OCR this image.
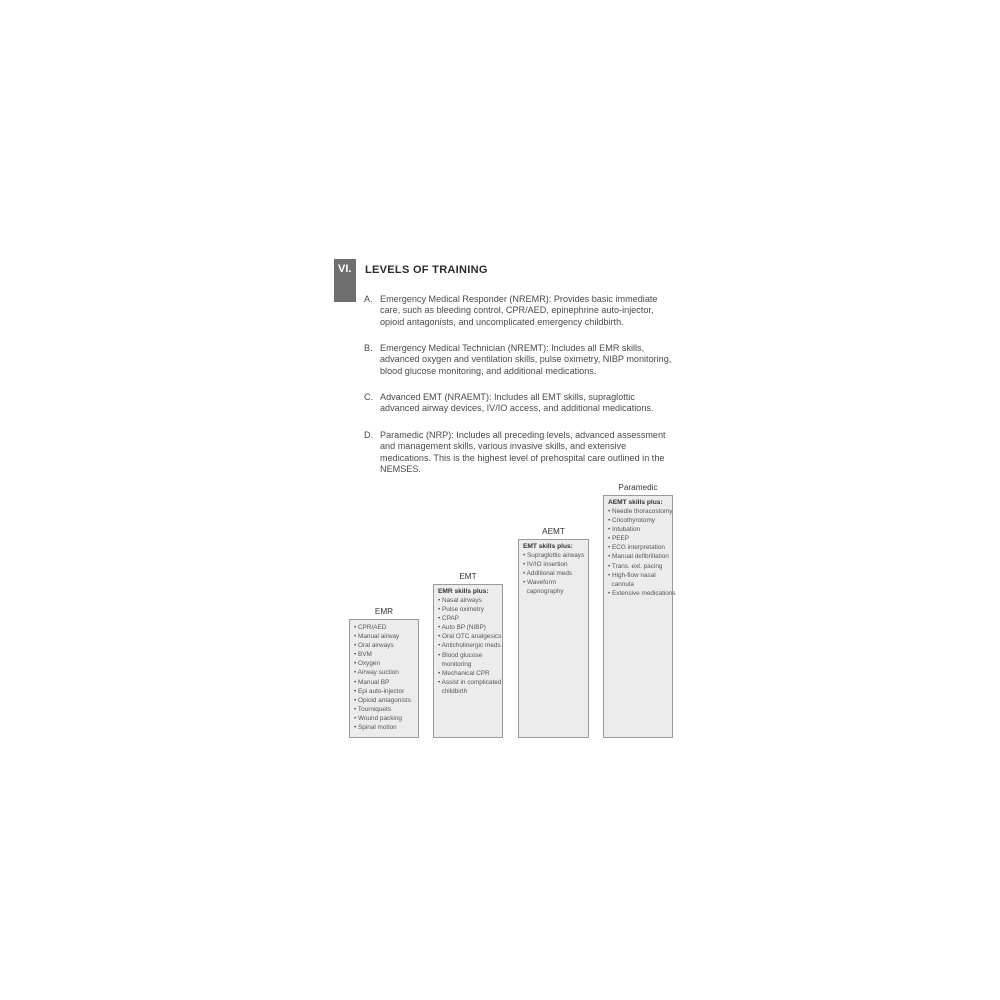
VI. LEVELS OF TRAINING
A. Emergency Medical Responder (NREMR): Provides basic immediate care, such as bleeding control, CPR/AED, epinephrine auto-injector, opioid antagonists, and uncomplicated emergency childbirth.
B. Emergency Medical Technician (NREMT): Includes all EMR skills, advanced oxygen and ventilation skills, pulse oximetry, NIBP monitoring, blood glucose monitoring, and additional medications.
C. Advanced EMT (NRAEMT): Includes all EMT skills, supraglottic advanced airway devices, IV/IO access, and additional medications.
D. Paramedic (NRP): Includes all preceding levels, advanced assessment and management skills, various invasive skills, and extensive medications. This is the highest level of prehospital care outlined in the NEMSES.
EMR
• CPR/AED
• Manual airway
• Oral airways
• BVM
• Oxygen
• Airway suction
• Manual BP
• Epi auto-injector
• Opioid antagonists
• Tourniquets
• Wound packing
• Spinal motion
EMT
EMR skills plus:
• Nasal airways
• Pulse oximetry
• CPAP
• Auto BP (NIBP)
• Oral OTC analgesics
• Anticholinergic meds
• Blood glucose
monitoring
• Mechanical CPR
• Assist in complicated
childbirth
AEMT
EMT skills plus:
• Supraglottic airways
• IV/IO insertion
• Additional meds
• Waveform
capnography
Paramedic
AEMT skills plus:
• Needle thoracostomy
• Cricothyrotomy
• Intubation
• PEEP
• ECG interpretation
• Manual defibrillation
• Trans. ext. pacing
• High-flow nasal
cannula
• Extensive medications
